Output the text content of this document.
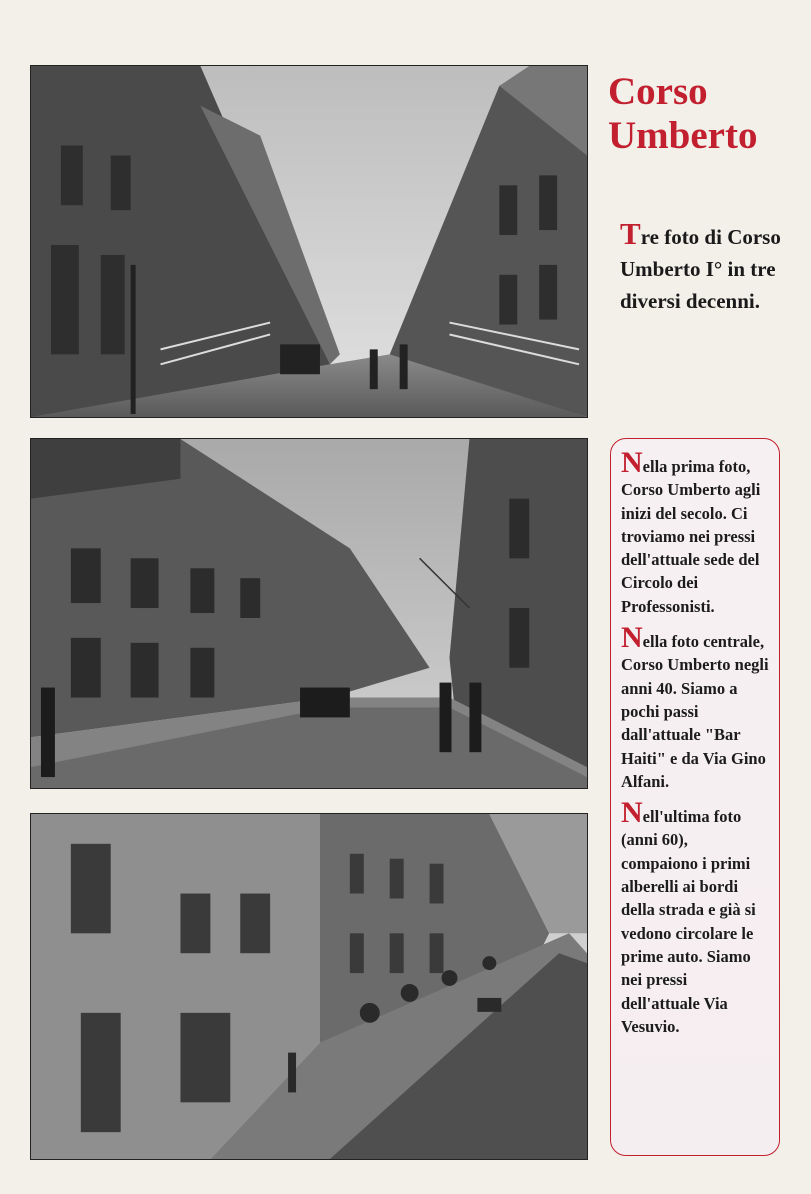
Corso
Umberto
Tre foto di Corso Umberto I° in tre diversi decenni.

Nella prima foto, Corso Umberto agli inizi del secolo. Ci troviamo nei pressi dell'attuale sede del Circolo dei Professonisti.

Nella foto centrale, Corso Umberto negli anni 40. Siamo a pochi passi dall'attuale "Bar Haiti" e da Via Gino Alfani.

Nell'ultima foto (anni 60), compaiono i primi alberelli ai bordi della strada e già si vedono circolare le prime auto. Siamo nei pressi dell'attuale Via Vesuvio.
